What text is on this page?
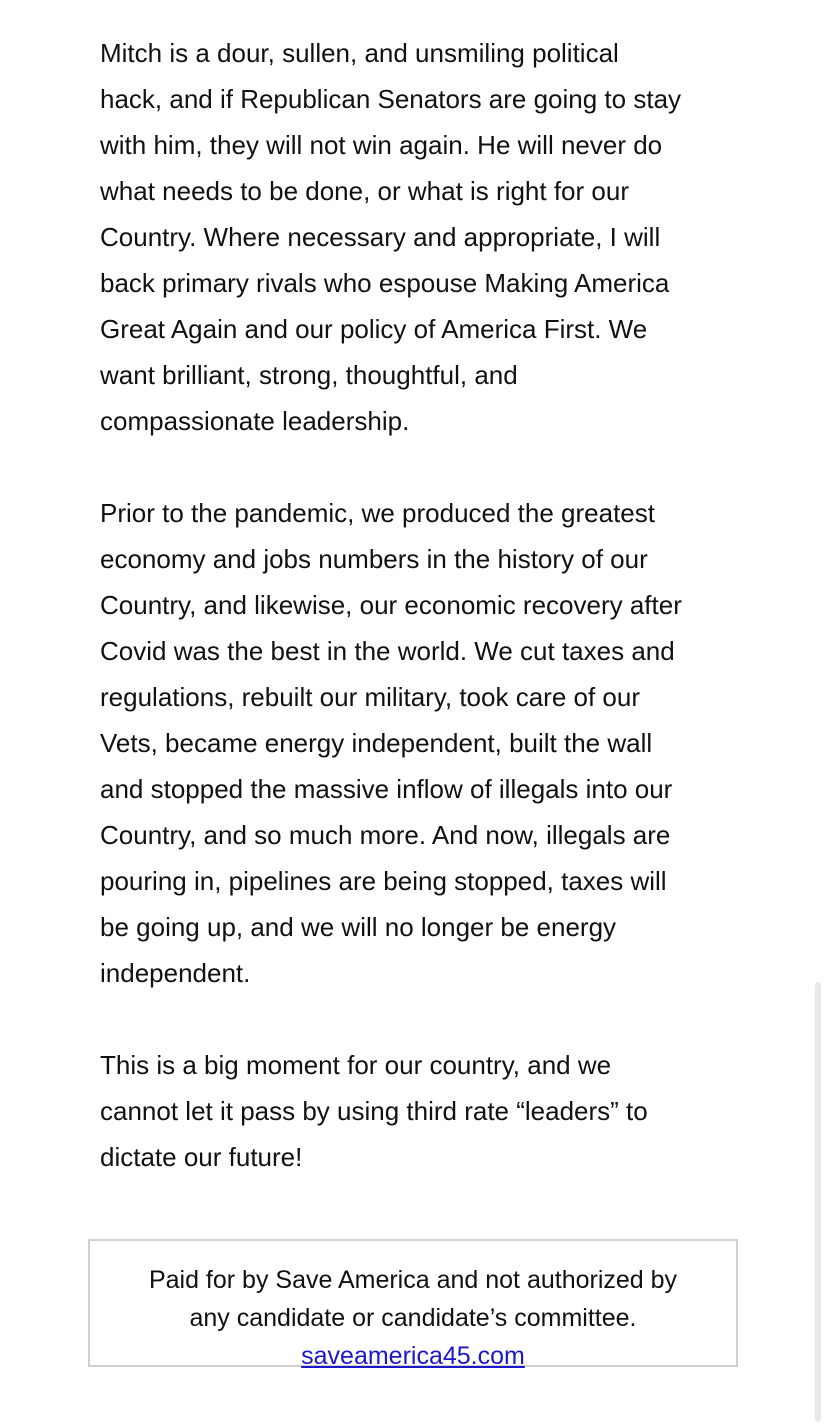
Mitch is a dour, sullen, and unsmiling political
hack, and if Republican Senators are going to stay
with him, they will not win again. He will never do
what needs to be done, or what is right for our
Country. Where necessary and appropriate, I will
back primary rivals who espouse Making America
Great Again and our policy of America First. We
want brilliant, strong, thoughtful, and
compassionate leadership.

Prior to the pandemic, we produced the greatest
economy and jobs numbers in the history of our
Country, and likewise, our economic recovery after
Covid was the best in the world. We cut taxes and
regulations, rebuilt our military, took care of our
Vets, became energy independent, built the wall
and stopped the massive inflow of illegals into our
Country, and so much more. And now, illegals are
pouring in, pipelines are being stopped, taxes will
be going up, and we will no longer be energy
independent.

This is a big moment for our country, and we
cannot let it pass by using third rate “leaders” to
dictate our future!

Paid for by Save America and not authorized by
any candidate or candidate’s committee.

saveamerica45.com
